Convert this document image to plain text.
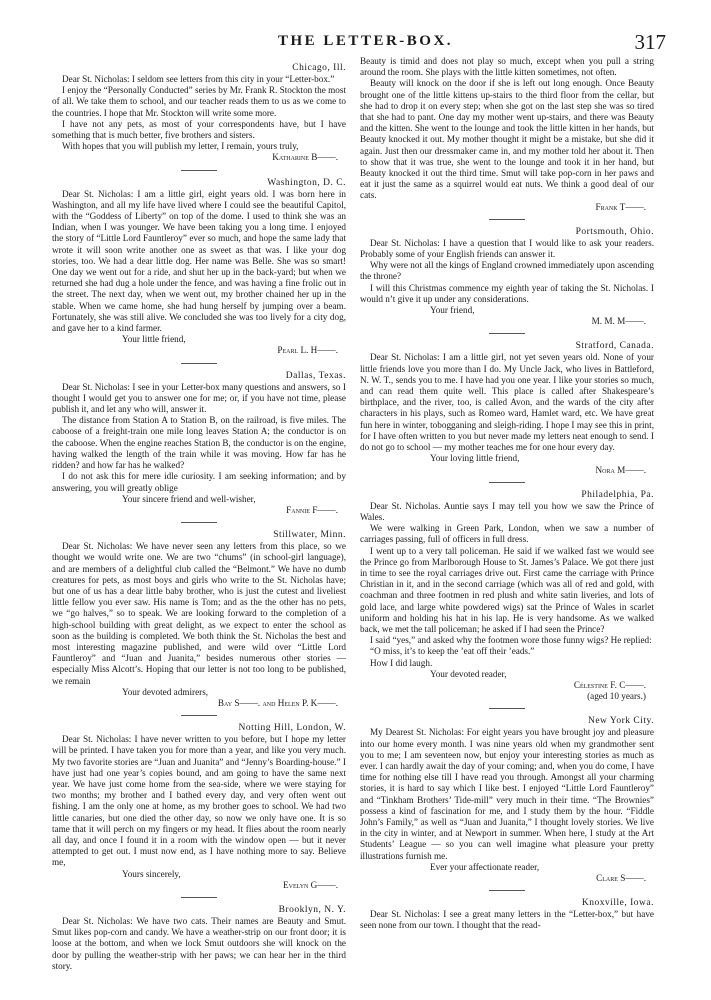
THE LETTER-BOX.	317
Chicago, Ill.

Dear St. Nicholas: I seldom see letters from this city in your “Letter-box.”

I enjoy the “Personally Conducted” series by Mr. Frank R. Stockton the most of all. We take them to school, and our teacher reads them to us as we come to the countries. I hope that Mr. Stockton will write some more.

I have not any pets, as most of your correspondents have, but I have something that is much better, five brothers and sisters.

With hopes that you will publish my letter, I remain, yours truly,

Katharine B——.
Washington, D. C.

Dear St. Nicholas: I am a little girl, eight years old. I was born here in Washington, and all my life have lived where I could see the beautiful Capitol, with the “Goddess of Liberty” on top of the dome. I used to think she was an Indian, when I was younger. We have been taking you a long time. I enjoyed the story of “Little Lord Fauntleroy” ever so much, and hope the same lady that wrote it will soon write another one as sweet as that was. I like your dog stories, too. We had a dear little dog. Her name was Belle. She was so smart! One day we went out for a ride, and shut her up in the back-yard; but when we returned she had dug a hole under the fence, and was having a fine frolic out in the street. The next day, when we went out, my brother chained her up in the stable. When we came home, she had hung herself by jumping over a beam. Fortunately, she was still alive. We concluded she was too lively for a city dog, and gave her to a kind farmer.

Your little friend,
Pearl L. H——.
Dallas, Texas.

Dear St. Nicholas: I see in your Letter-box many questions and answers, so I thought I would get you to answer one for me; or, if you have not time, please publish it, and let any who will, answer it.

The distance from Station A to Station B, on the railroad, is five miles. The caboose of a freight-train one mile long leaves Station A; the conductor is on the caboose. When the engine reaches Station B, the conductor is on the engine, having walked the length of the train while it was moving. How far has he ridden? and how far has he walked?

I do not ask this for mere idle curiosity. I am seeking information; and by answering, you will greatly oblige

Your sincere friend and well-wisher,
Fannie F——.
Stillwater, Minn.

Dear St. Nicholas: We have never seen any letters from this place, so we thought we would write one. We are two “chums” (in school-girl language), and are members of a delightful club called the “Belmont.” We have no dumb creatures for pets, as most boys and girls who write to the St. Nicholas have; but one of us has a dear little baby brother, who is just the cutest and liveliest little fellow you ever saw. His name is Tom; and as the the other has no pets, we “go halves,” so to speak. We are looking forward to the completion of a high-school building with great delight, as we expect to enter the school as soon as the building is completed. We both think the St. Nicholas the best and most interesting magazine published, and were wild over “Little Lord Fauntleroy” and “Juan and Juanita,” besides numerous other stories — especially Miss Alcott’s. Hoping that our letter is not too long to be published, we remain

Your devoted admirers,
Bay S——. and Helen P. K——.
Notting Hill, London, W.

Dear St. Nicholas: I have never written to you before, but I hope my letter will be printed. I have taken you for more than a year, and like you very much. My two favorite stories are “Juan and Juanita” and “Jenny’s Boarding-house.” I have just had one year’s copies bound, and am going to have the same next year. We have just come home from the sea-side, where we were staying for two months; my brother and I bathed every day, and very often went out fishing. I am the only one at home, as my brother goes to school. We had two little canaries, but one died the other day, so now we only have one. It is so tame that it will perch on my fingers or my head. It flies about the room nearly all day, and once I found it in a room with the window open — but it never attempted to get out. I must now end, as I have nothing more to say. Believe me,

Yours sincerely,
Evelyn G——.
Brooklyn, N. Y.

Dear St. Nicholas: We have two cats. Their names are Beauty and Smut. Smut likes pop-corn and candy. We have a weather-strip on our front door; it is loose at the bottom, and when we lock Smut outdoors she will knock on the door by pulling the weather-strip with her paws; we can hear her in the third story.

Beauty is timid and does not play so much, except when you pull a string around the room. She plays with the little kitten sometimes, not often.

Beauty will knock on the door if she is left out long enough. Once Beauty brought one of the little kittens up-stairs to the third floor from the cellar, but she had to drop it on every step; when she got on the last step she was so tired that she had to pant. One day my mother went up-stairs, and there was Beauty and the kitten. She went to the lounge and took the little kitten in her hands, but Beauty knocked it out. My mother thought it might be a mistake, but she did it again. Just then our dressmaker came in, and my mother told her about it. Then to show that it was true, she went to the lounge and took it in her hand, but Beauty knocked it out the third time. Smut will take pop-corn in her paws and eat it just the same as a squirrel would eat nuts. We think a good deal of our cats.

Frank T——.
Portsmouth, Ohio.

Dear St. Nicholas: I have a question that I would like to ask your readers. Probably some of your English friends can answer it.

Why were not all the kings of England crowned immediately upon ascending the throne?

I will this Christmas commence my eighth year of taking the St. Nicholas. I would n’t give it up under any considerations.

Your friend,
M. M. M——.
Stratford, Canada.

Dear St. Nicholas: I am a little girl, not yet seven years old. None of your little friends love you more than I do. My Uncle Jack, who lives in Battleford, N. W. T., sends you to me. I have had you one year. I like your stories so much, and can read them quite well. This place is called after Shakespeare’s birthplace, and the river, too, is called Avon, and the wards of the city after characters in his plays, such as Romeo ward, Hamlet ward, etc. We have great fun here in winter, tobogganing and sleigh-riding. I hope I may see this in print, for I have often written to you but never made my letters neat enough to send. I do not go to school — my mother teaches me for one hour every day.

Your loving little friend,
Nora M——.
Philadelphia, Pa.

Dear St. Nicholas. Auntie says I may tell you how we saw the Prince of Wales.

We were walking in Green Park, London, when we saw a number of carriages passing, full of officers in full dress.

I went up to a very tall policeman. He said if we walked fast we would see the Prince go from Marlborough House to St. James’s Palace. We got there just in time to see the royal carriages drive out. First came the carriage with Prince Christian in it, and in the second carriage (which was all of red and gold, with coachman and three footmen in red plush and white satin liveries, and lots of gold lace, and large white powdered wigs) sat the Prince of Wales in scarlet uniform and holding his hat in his lap. He is very handsome. As we walked back, we met the tall policeman; he asked if I had seen the Prince?

I said “yes,” and asked why the footmen wore those funny wigs? He replied:

“O miss, it’s to keep the ’eat off their ’eads.”

How I did laugh.

Your devoted reader,
Célestine F. C——.
(aged 10 years.)
New York City.

My Dearest St. Nicholas: For eight years you have brought joy and pleasure into our home every month. I was nine years old when my grandmother sent you to me; I am seventeen now, but enjoy your interesting stories as much as ever. I can hardly await the day of your coming; and, when you do come, I have time for nothing else till I have read you through. Amongst all your charming stories, it is hard to say which I like best. I enjoyed “Little Lord Fauntleroy” and “Tinkham Brothers’ Tide-mill” very much in their time. “The Brownies” possess a kind of fascination for me, and I study them by the hour. “Fiddle John’s Family,” as well as “Juan and Juanita,” I thought lovely stories. We live in the city in winter, and at Newport in summer. When here, I study at the Art Students’ League — so you can well imagine what pleasure your pretty illustrations furnish me.

Ever your affectionate reader,
Clare S——.
Knoxville, Iowa.

Dear St. Nicholas: I see a great many letters in the “Letter-box,” but have seen none from our town. I thought that the read-
